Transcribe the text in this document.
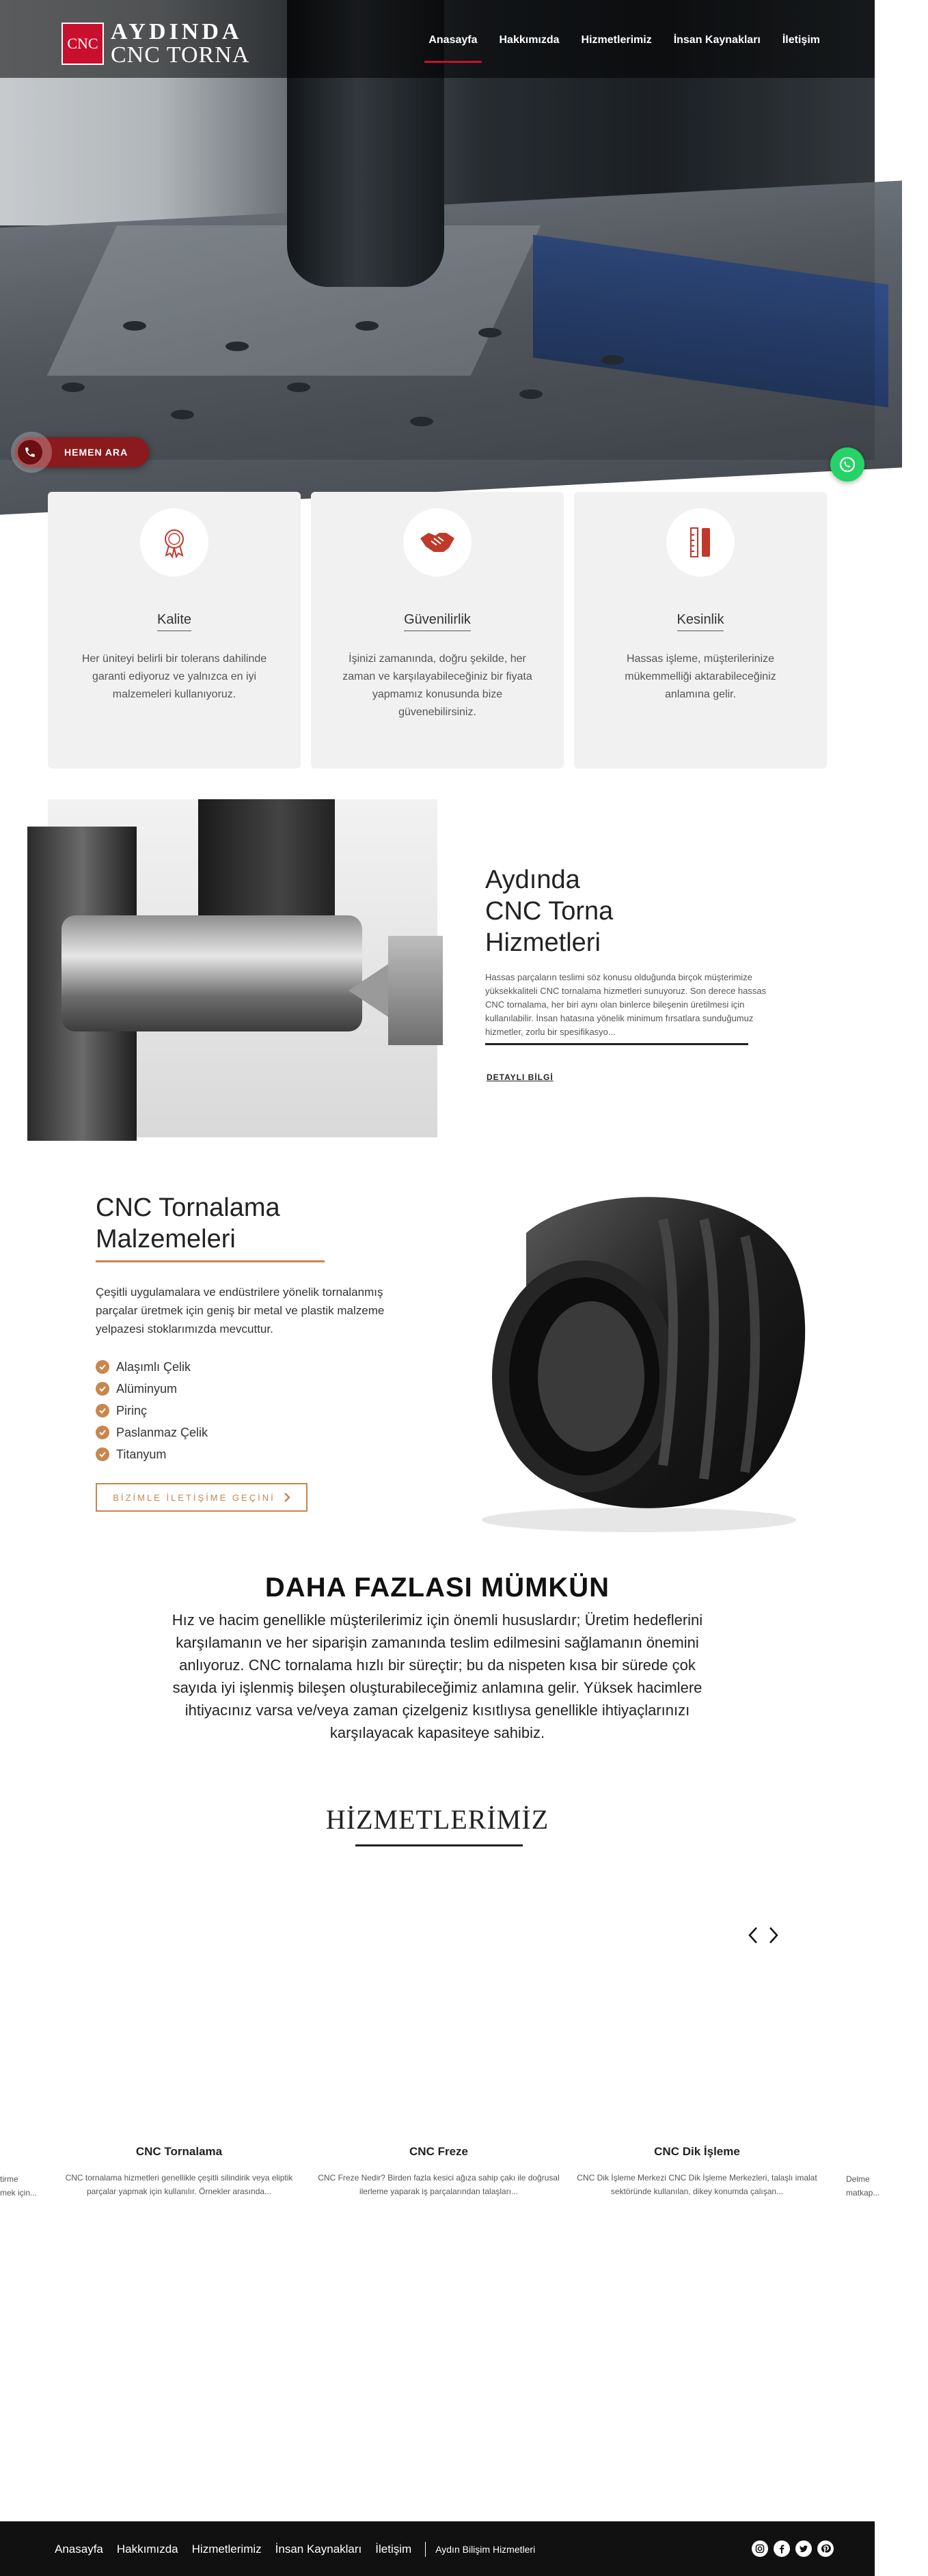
CNC AYDINDA
CNC TORNA
Anasayfa Hakkımızda Hizmetlerimiz İnsan Kaynakları İletişim
HEMEN ARA
Kalite

Her üniteyi belirli bir tolerans dahilinde garanti ediyoruz ve yalnızca en iyi malzemeleri kullanıyoruz.

Güvenilirlik

İşinizi zamanında, doğru şekilde, her zaman ve karşılayabileceğiniz bir fiyata yapmamız konusunda bize güvenebilirsiniz.

Kesinlik

Hassas işleme, müşterilerinize mükemmelliği aktarabileceğiniz anlamına gelir.

Aydında
CNC Torna
Hizmetleri

Hassas parçaların teslimi söz konusu olduğunda birçok müşterimize yüksekkaliteli CNC tornalama hizmetleri sunuyoruz. Son derece hassas CNC tornalama, her biri aynı olan binlerce bileşenin üretilmesi için kullanılabilir. İnsan hatasına yönelik minimum fırsatlara sunduğumuz hizmetler, zorlu bir spesifikasyo...

DETAYLI BİLGİ
CNC Tornalama
Malzemeleri

Çeşitli uygulamalara ve endüstrilere yönelik tornalanmış parçalar üretmek için geniş bir metal ve plastik malzeme yelpazesi stoklarımızda mevcuttur.

Alaşımlı Çelik
Alüminyum
Pirinç
Paslanmaz Çelik
Titanyum
BİZİMLE İLETİŞİME GEÇİNİ
DAHA FAZLASI MÜMKÜN

Hız ve hacim genellikle müşterilerimiz için önemli hususlardır; Üretim hedeflerini karşılamanın ve her siparişin zamanında teslim edilmesini sağlamanın önemini anlıyoruz. CNC tornalama hızlı bir süreçtir; bu da nispeten kısa bir sürede çok sayıda iyi işlenmiş bileşen oluşturabileceğimiz anlamına gelir. Yüksek hacimlere ihtiyacınız varsa ve/veya zaman çizelgeniz kısıtlıysa genellikle ihtiyaçlarınızı karşılayacak kapasiteye sahibiz.

HİZMETLERİMİZ
tirme
mek için...
CNC Tornalama

CNC tornalama hizmetleri genellikle çeşitli silindirik veya eliptik parçalar yapmak için kullanılır. Örnekler arasında...

CNC Freze

CNC Freze Nedir? Birden fazla kesici ağıza sahip çakı ile doğrusal ilerleme yaparak iş parçalarından talaşları...

CNC Dik İşleme

CNC Dik İşleme Merkezi CNC Dik İşleme Merkezleri, talaşlı imalat sektöründe kullanılan, dikey konumda çalışan...

Delme
matkap...
Anasayfa Hakkımızda Hizmetlerimiz İnsan Kaynakları İletişim	Aydın Bilişim Hizmetleri
